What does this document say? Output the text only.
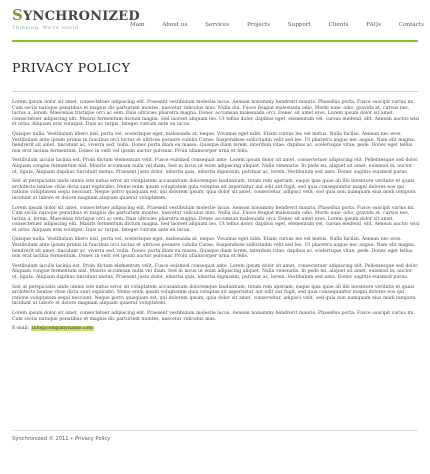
SYNCHRONIZED
Thinking. We're world	Main	About us	Services	Projects	Support	Clients	FAQs	Contacts
PRIVACY POLICY

Lorem ipsum dolor sit amet, consectetuer adipiscing elit. Praesent vestibulum molestie lacus. Aenean nonummy hendrerit mauris. Phasellus porta. Fusce suscipit varius mi. Cum sociis natoque penatibus et magnis dis parturient montes, nascetur ridiculus mus. Nulla dui. Fusce feugiat malesuada odio. Morbi nunc odio, gravida at, cursus nec, luctus a, lorem. Maecenas tristique orci ac sem. Duis ultricies pharetra magna. Donec accumsan malesuada orci. Donec sit amet eros. Lorem ipsum dolor sit amet, consectetuer adipiscing elit. Mauris fermentum dictum magna. Sed laoreet aliquam leo. Ut tellus dolor, dapibus eget, elementum vel, cursus eleifend, elit. Aenean auctor wisi et urna. Aliquam erat volutpat. Duis ac turpis. Integer rutrum ante eu lacus.

Quisque nulla. Vestibulum libero nisl, porta vel, scelerisque eget, malesuada at, neque. Vivamus eget nibh. Etiam cursus leo vel metus. Nulla facilisi. Aenean nec eros. Vestibulum ante ipsum primis in faucibus orci luctus et ultrices posuere cubilia Curae; Suspendisse sollicitudin velit sed leo. Ut pharetra augue nec augue. Nam elit magna, hendrerit sit amet, tincidunt ac, viverra sed, nulla. Donec porta diam eu massa. Quisque diam lorem, interdum vitae, dapibus ac, scelerisque vitae, pede. Donec eget tellus non erat lacinia fermentum. Donec in velit vel ipsum auctor pulvinar. Proin ullamcorper urna et felis.

Vestibulum iaculis lacinia est. Proin dictum elementum velit. Fusce euismod consequat ante. Lorem ipsum dolor sit amet, consectetuer adipiscing elit. Pellentesque sed dolor. Aliquam congue fermentum nisl. Mauris accumsan nulla vel diam. Sed in lacus ut enim adipiscing aliquet. Nulla venenatis. In pede mi, aliquet sit amet, euismod in, auctor ut, ligula. Aliquam dapibus tincidunt metus. Praesent justo dolor, lobortis quis, lobortis dignissim, pulvinar ac, lorem. Vestibulum sed ante. Donec sagittis euismod purus.

Sed ut perspiciatis unde omnis iste natus error sit voluptatem accusantium doloremque laudantium, totam rem aperiam, eaque ipsa quae ab illo inventore veritatis et quasi architecto beatae vitae dicta sunt explicabo. Nemo enim ipsam voluptatem quia voluptas sit aspernatur aut odit aut fugit, sed quia consequuntur magni dolores eos qui ratione voluptatem sequi nesciunt. Neque porro quisquam est, qui dolorem ipsum, quia dolor sit amet, consectetur, adipisci velit, sed quia non numquam eius modi tempora incidunt ut labore et dolore magnam aliquam quaerat voluptatem.

Lorem ipsum dolor sit amet, consectetuer adipiscing elit. Praesent vestibulum molestie lacus. Aenean nonummy hendrerit mauris. Phasellus porta. Fusce suscipit varius mi. Cum sociis natoque penatibus et magnis dis parturient montes, nascetur ridiculus mus. Nulla dui. Fusce feugiat malesuada odio. Morbi nunc odio, gravida at, cursus nec, luctus a, lorem. Maecenas tristique orci ac sem. Duis ultricies pharetra magna. Donec accumsan malesuada orci. Donec sit amet eros. Lorem ipsum dolor sit amet, consectetuer adipiscing elit. Mauris fermentum dictum magna. Sed laoreet aliquam leo. Ut tellus dolor, dapibus eget, elementum vel, cursus eleifend, elit. Aenean auctor wisi et urna. Aliquam erat volutpat. Duis ac turpis. Integer rutrum ante eu lacus.

Quisque nulla. Vestibulum libero nisl, porta vel, scelerisque eget, malesuada at, neque. Vivamus eget nibh. Etiam cursus leo vel metus. Nulla facilisi. Aenean nec eros. Vestibulum ante ipsum primis in faucibus orci luctus et ultrices posuere cubilia Curae; Suspendisse sollicitudin velit sed leo. Ut pharetra augue nec augue. Nam elit magna, hendrerit sit amet, tincidunt ac, viverra sed, nulla. Donec porta diam eu massa. Quisque diam lorem, interdum vitae, dapibus ac, scelerisque vitae, pede. Donec eget tellus non erat lacinia fermentum. Donec in velit vel ipsum auctor pulvinar. Proin ullamcorper urna et felis.

Vestibulum iaculis lacinia est. Proin dictum elementum velit. Fusce euismod consequat ante. Lorem ipsum dolor sit amet, consectetuer adipiscing elit. Pellentesque sed dolor. Aliquam congue fermentum nisl. Mauris accumsan nulla vel diam. Sed in lacus ut enim adipiscing aliquet. Nulla venenatis. In pede mi, aliquet sit amet, euismod in, auctor ut, ligula. Aliquam dapibus tincidunt metus. Praesent justo dolor, lobortis quis, lobortis dignissim, pulvinar ac, lorem. Vestibulum sed ante. Donec sagittis euismod purus.

Sed ut perspiciatis unde omnis iste natus error sit voluptatem accusantium doloremque laudantium, totam rem aperiam, eaque ipsa quae ab illo inventore veritatis et quasi architecto beatae vitae dicta sunt explicabo. Nemo enim ipsam voluptatem quia voluptas sit aspernatur aut odit aut fugit, sed quia consequuntur magni dolores eos qui ratione voluptatem sequi nesciunt. Neque porro quisquam est, qui dolorem ipsum, quia dolor sit amet, consectetur, adipisci velit, sed quia non numquam eius modi tempora incidunt ut labore et dolore magnam aliquam quaerat voluptatem.

Lorem ipsum dolor sit amet, consectetuer adipiscing elit. Praesent vestibulum molestie lacus. Aenean nonummy hendrerit mauris. Phasellus porta. Fusce suscipit varius mi. Cum sociis natoque penatibus et magnis dis parturient montes, nascetur ridiculus mus.

E-mail: info@companyname.com
Synchronized © 2011 • Privacy Policy
